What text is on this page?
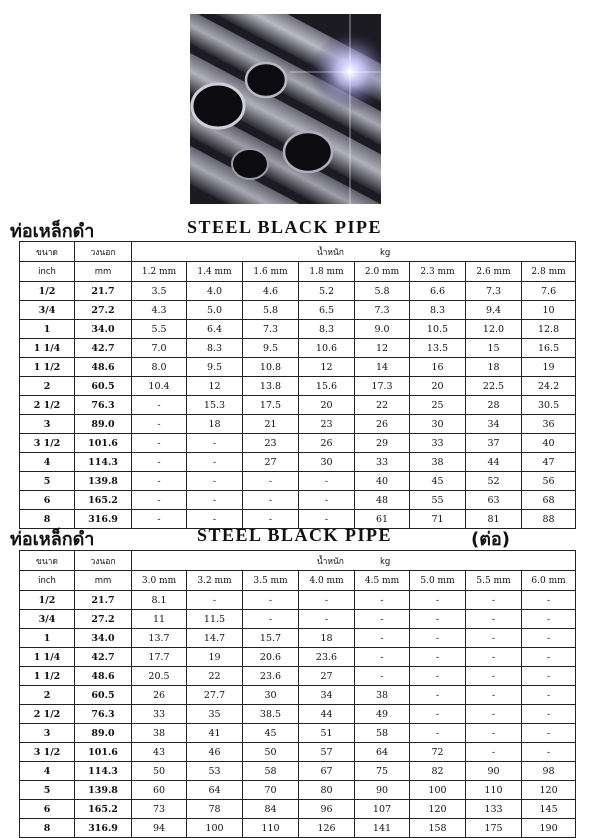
ท่อเหล็กดำ	STEEL BLACK PIPE
ขนาด	วงนอก	น้ำหนัก kg							
inch	mm	1.2 mm	1.4 mm	1.6 mm	1.8 mm	2.0 mm	2.3 mm	2.6 mm	2.8 mm
1/2	21.7	3.5	4.0	4.6	5.2	5.8	6.6	7.3	7.6
3/4	27.2	4.3	5.0	5.8	6.5	7.3	8.3	9.4	10
1	34.0	5.5	6.4	7.3	8.3	9.0	10.5	12.0	12.8
1 1/4	42.7	7.0	8.3	9.5	10.6	12	13.5	15	16.5
1 1/2	48.6	8.0	9.5	10.8	12	14	16	18	19
2	60.5	10.4	12	13.8	15.6	17.3	20	22.5	24.2
2 1/2	76.3	-	15.3	17.5	20	22	25	28	30.5
3	89.0	-	18	21	23	26	30	34	36
3 1/2	101.6	-	-	23	26	29	33	37	40
4	114.3	-	-	27	30	33	38	44	47
5	139.8	-	-	-	-	40	45	52	56
6	165.2	-	-	-	-	48	55	63	68
8	316.9	-	-	-	-	61	71	81	88
ท่อเหล็กดำ	STEEL BLACK PIPE	(ต่อ)
ขนาด	วงนอก	น้ำหนัก kg							
inch	mm	3.0 mm	3.2 mm	3.5 mm	4.0 mm	4.5 mm	5.0 mm	5.5 mm	6.0 mm
1/2	21.7	8.1	-	-	-	-	-	-	-
3/4	27.2	11	11.5	-	-	-	-	-	-
1	34.0	13.7	14.7	15.7	18	-	-	-	-
1 1/4	42.7	17.7	19	20.6	23.6	-	-	-	-
1 1/2	48.6	20.5	22	23.6	27	-	-	-	-
2	60.5	26	27.7	30	34	38	-	-	-
2 1/2	76.3	33	35	38.5	44	49	-	-	-
3	89.0	38	41	45	51	58	-	-	-
3 1/2	101.6	43	46	50	57	64	72	-	-
4	114.3	50	53	58	67	75	82	90	98
5	139.8	60	64	70	80	90	100	110	120
6	165.2	73	78	84	96	107	120	133	145
8	316.9	94	100	110	126	141	158	175	190
